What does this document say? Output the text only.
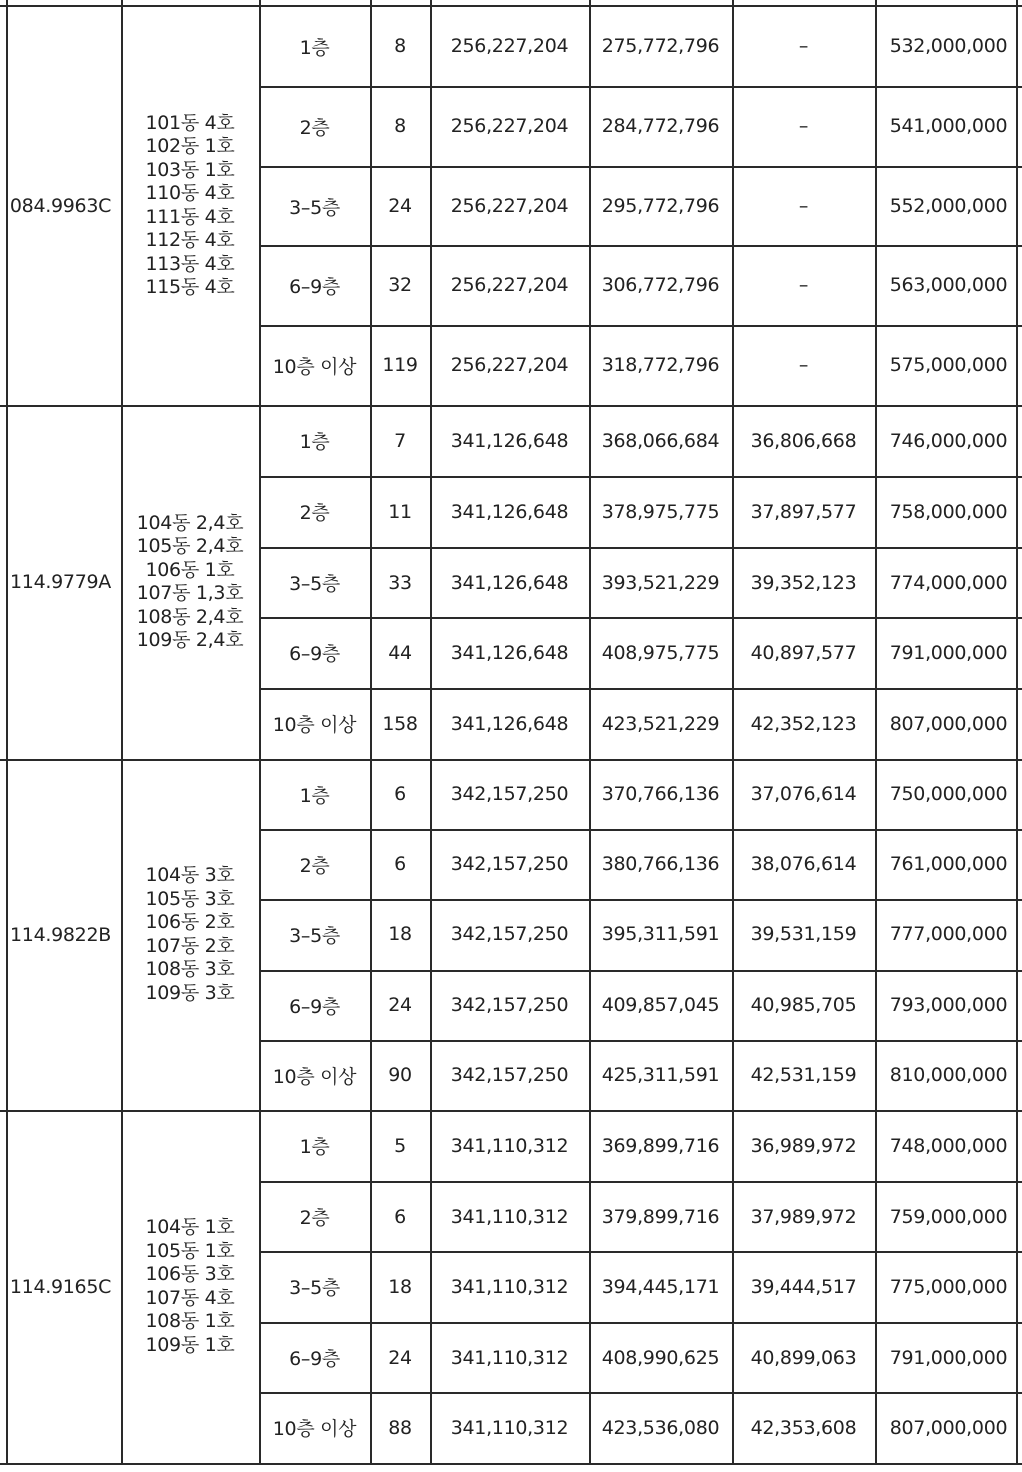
084.9963C
101동 4호
102동 1호
103동 1호
110동 4호
111동 4호
112동 4호
113동 4호
115동 4호
1층	8	256,227,204	275,772,796	–	532,000,000
2층	8	256,227,204	284,772,796	–	541,000,000
3–5층	24	256,227,204	295,772,796	–	552,000,000
6–9층	32	256,227,204	306,772,796	–	563,000,000
10층 이상	119	256,227,204	318,772,796	–	575,000,000
114.9779A
104동 2,4호
105동 2,4호
106동 1호
107동 1,3호
108동 2,4호
109동 2,4호
1층	7	341,126,648	368,066,684	36,806,668	746,000,000
2층	11	341,126,648	378,975,775	37,897,577	758,000,000
3–5층	33	341,126,648	393,521,229	39,352,123	774,000,000
6–9층	44	341,126,648	408,975,775	40,897,577	791,000,000
10층 이상	158	341,126,648	423,521,229	42,352,123	807,000,000
114.9822B
104동 3호
105동 3호
106동 2호
107동 2호
108동 3호
109동 3호
1층	6	342,157,250	370,766,136	37,076,614	750,000,000
2층	6	342,157,250	380,766,136	38,076,614	761,000,000
3–5층	18	342,157,250	395,311,591	39,531,159	777,000,000
6–9층	24	342,157,250	409,857,045	40,985,705	793,000,000
10층 이상	90	342,157,250	425,311,591	42,531,159	810,000,000
114.9165C
104동 1호
105동 1호
106동 3호
107동 4호
108동 1호
109동 1호
1층	5	341,110,312	369,899,716	36,989,972	748,000,000
2층	6	341,110,312	379,899,716	37,989,972	759,000,000
3–5층	18	341,110,312	394,445,171	39,444,517	775,000,000
6–9층	24	341,110,312	408,990,625	40,899,063	791,000,000
10층 이상	88	341,110,312	423,536,080	42,353,608	807,000,000
